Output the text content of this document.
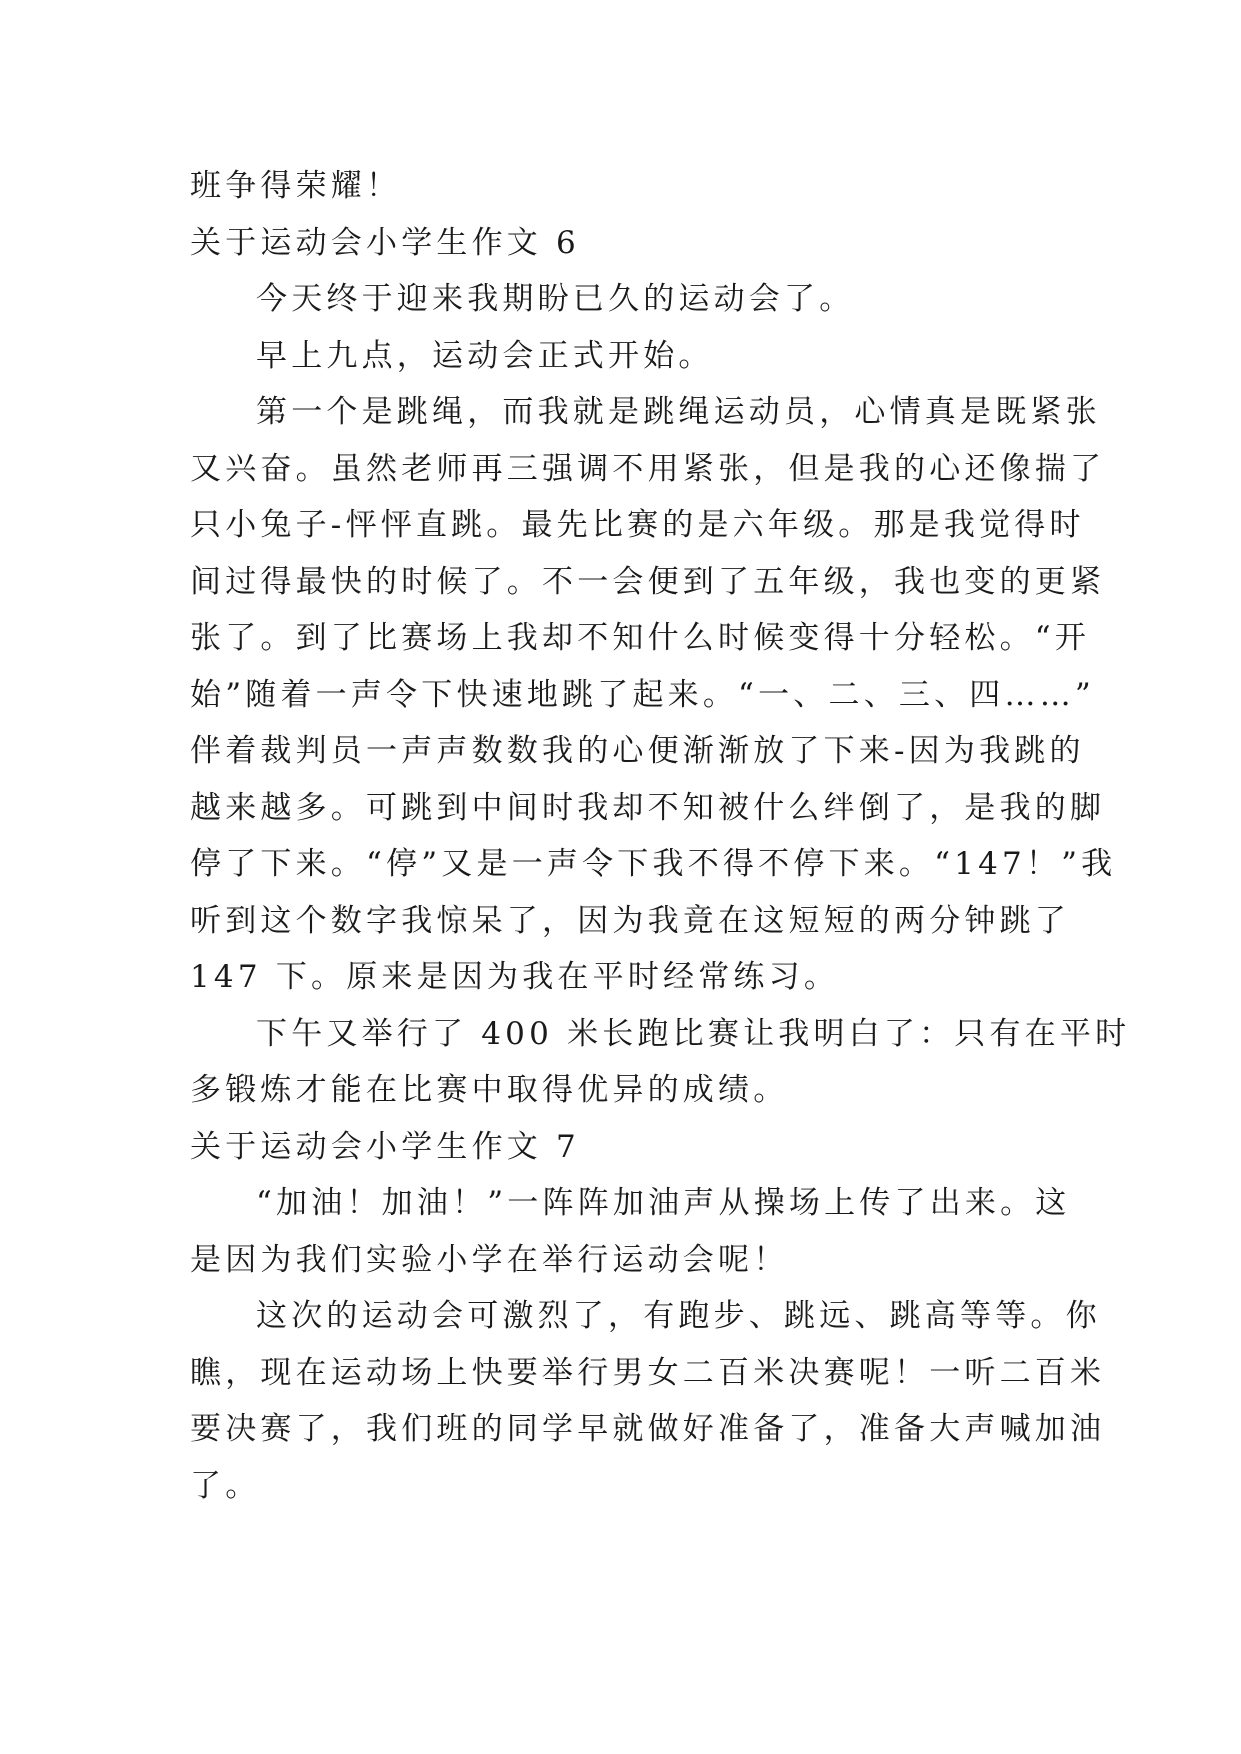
班争得荣耀！
关于运动会小学生作文 6
今天终于迎来我期盼已久的运动会了。
早上九点，运动会正式开始。
第一个是跳绳，而我就是跳绳运动员，心情真是既紧张
又兴奋。虽然老师再三强调不用紧张，但是我的心还像揣了
只小兔子-怦怦直跳。最先比赛的是六年级。那是我觉得时
间过得最快的时候了。不一会便到了五年级，我也变的更紧
张了。到了比赛场上我却不知什么时候变得十分轻松。“开
始”随着一声令下快速地跳了起来。“一、二、三、四……”
伴着裁判员一声声数数我的心便渐渐放了下来-因为我跳的
越来越多。可跳到中间时我却不知被什么绊倒了，是我的脚
停了下来。“停”又是一声令下我不得不停下来。“147！”我
听到这个数字我惊呆了，因为我竟在这短短的两分钟跳了
147 下。原来是因为我在平时经常练习。
下午又举行了 400 米长跑比赛让我明白了：只有在平时
多锻炼才能在比赛中取得优异的成绩。
关于运动会小学生作文 7
“加油！加油！”一阵阵加油声从操场上传了出来。这
是因为我们实验小学在举行运动会呢！
这次的运动会可激烈了，有跑步、跳远、跳高等等。你
瞧，现在运动场上快要举行男女二百米决赛呢！一听二百米
要决赛了，我们班的同学早就做好准备了，准备大声喊加油
了。
